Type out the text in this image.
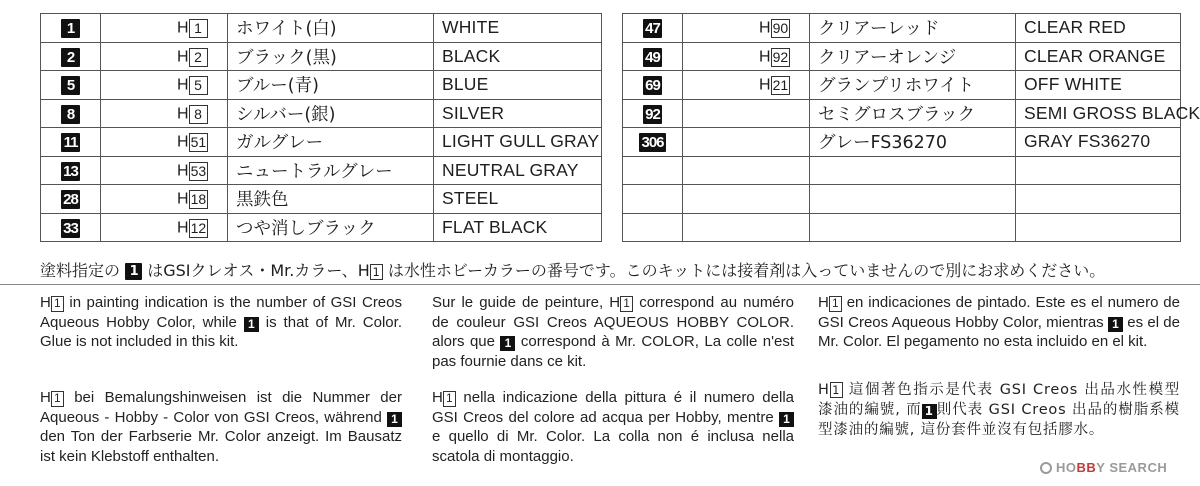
1	H 1	ホワイト(白)	WHITE
2	H 2	ブラック(黒)	BLACK
5	H 5	ブルー(青)	BLUE
8	H 8	シルバー(銀)	SILVER
11	H 51	ガルグレー	LIGHT GULL GRAY
13	H 53	ニュートラルグレー	NEUTRAL GRAY
28	H 18	黒鉄色	STEEL
33	H 12	つや消しブラック	FLAT BLACK
47	H 90	クリアーレッド	CLEAR RED
49	H 92	クリアーオレンジ	CLEAR ORANGE
69	H 21	グランプリホワイト	OFF WHITE
92		セミグロスブラック	SEMI GROSS BLACK
306		グレーFS36270	GRAY FS36270

塗料指定の 1 はGSIクレオス・Mr.カラー、H 1 は水性ホビーカラーの番号です。このキットには接着剤は入っていませんので別にお求めください。

H 1 in painting indication is the number of GSI Creos Aqueous Hobby Color, while 1 is that of Mr. Color. Glue is not included in this kit.

Sur le guide de peinture, H 1 correspond au numéro de couleur GSI Creos AQUEOUS HOBBY COLOR. alors que 1 correspond à Mr. COLOR, La colle n'est pas fournie dans ce kit.

H 1 en indicaciones de pintado. Este es el numero de GSI Creos Aqueous Hobby Color, mientras 1 es el de Mr. Color. El pegamento no esta incluido en el kit.

H 1 bei Bemalungshinweisen ist die Nummer der Aqueous - Hobby - Color von GSI Creos, während 1 den Ton der Farbserie Mr. Color anzeigt. Im Bausatz ist kein Klebstoff enthalten.

H 1 nella indicazione della pittura é il numero della GSI Creos del colore ad acqua per Hobby, mentre 1 e quello di Mr. Color. La colla non é inclusa nella scatola di montaggio.

H 1 這個著色指示是代表 GSI Creos 出品水性模型漆油的編號, 而 1 則代表 GSI Creos 出品的樹脂系模型漆油的編號, 這份套件並沒有包括膠水。

HOBBY SEARCH
